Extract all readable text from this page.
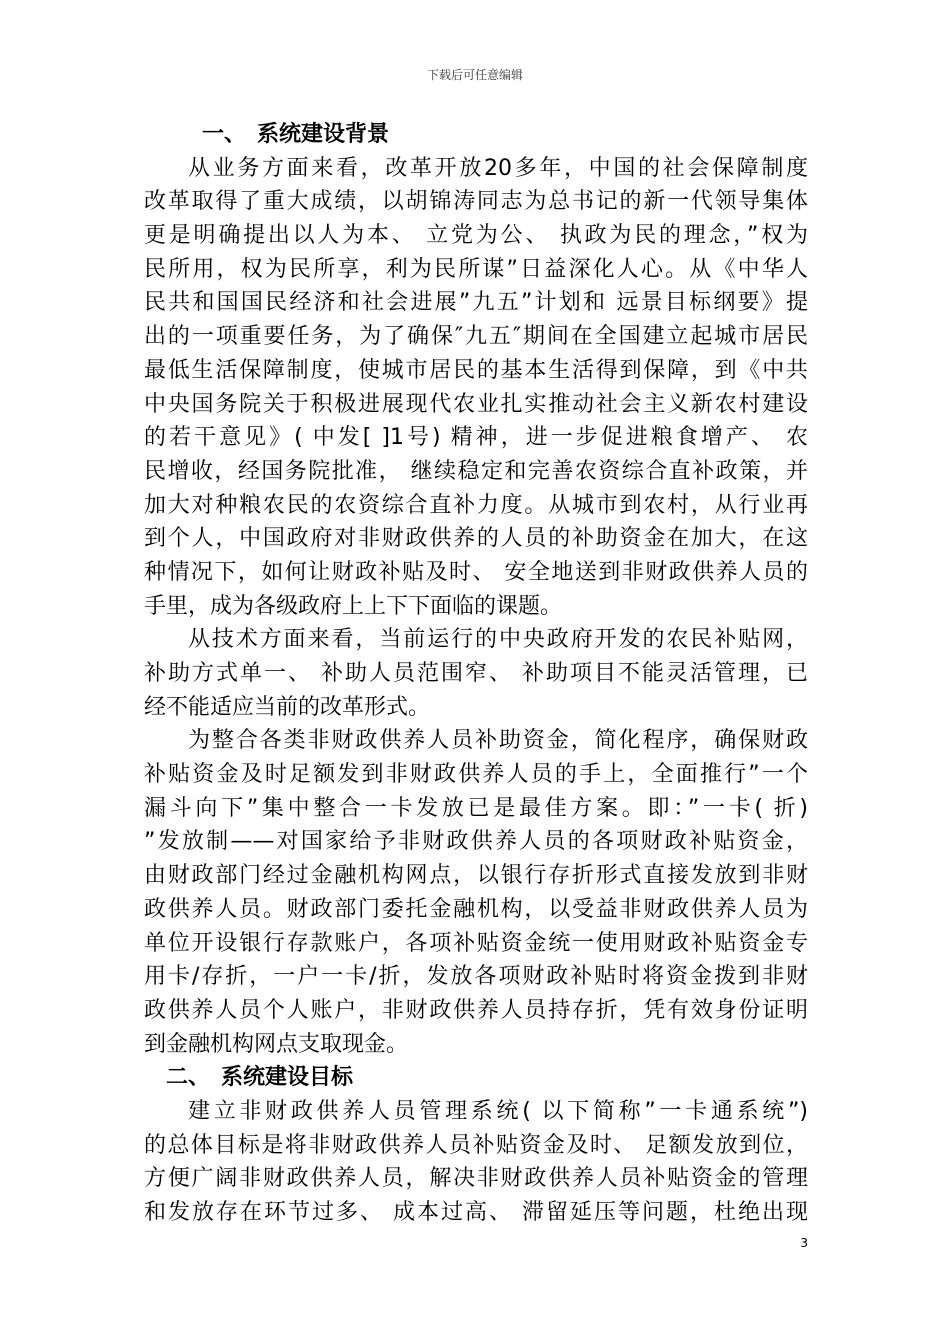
下载后可任意编辑
一、　系统建设背景
从业务方面来看，改革开放20多年，中国的社会保障制度
改革取得了重大成绩，以胡锦涛同志为总书记的新一代领导集体
更是明确提出以人为本、 立党为公、 执政为民的理念，”权为
民所用，权为民所享，利为民所谋”日益深化人心。从《中华人
民共和国国民经济和社会进展”九五”计划和 远景目标纲要》提
出的一项重要任务，为了确保″九五″期间在全国建立起城市居民
最低生活保障制度，使城市居民的基本生活得到保障，到《中共
中央国务院关于积极进展现代农业扎实推动社会主义新农村建设
的若干意见》( 中发[ ]1号) 精神，进一步促进粮食增产、 农
民增收，经国务院批准， 继续稳定和完善农资综合直补政策，并
加大对种粮农民的农资综合直补力度。从城市到农村，从行业再
到个人，中国政府对非财政供养的人员的补助资金在加大，在这
种情况下，如何让财政补贴及时、 安全地送到非财政供养人员的
手里，成为各级政府上上下下面临的课题。
从技术方面来看，当前运行的中央政府开发的农民补贴网，
补助方式单一、 补助人员范围窄、 补助项目不能灵活管理，已
经不能适应当前的改革形式。
为整合各类非财政供养人员补助资金，简化程序，确保财政
补贴资金及时足额发到非财政供养人员的手上，全面推行”一个
漏斗向下”集中整合一卡发放已是最佳方案。即：”一卡( 折)
”发放制——对国家给予非财政供养人员的各项财政补贴资金，
由财政部门经过金融机构网点，以银行存折形式直接发放到非财
政供养人员。财政部门委托金融机构，以受益非财政供养人员为
单位开设银行存款账户，各项补贴资金统一使用财政补贴资金专
用卡/存折，一户一卡/折，发放各项财政补贴时将资金拨到非财
政供养人员个人账户，非财政供养人员持存折，凭有效身份证明
到金融机构网点支取现金。
二、　系统建设目标
建立非财政供养人员管理系统( 以下简称”一卡通系统”)
的总体目标是将非财政供养人员补贴资金及时、 足额发放到位，
方便广阔非财政供养人员，解决非财政供养人员补贴资金的管理
和发放存在环节过多、 成本过高、 滞留延压等问题，杜绝出现
3
